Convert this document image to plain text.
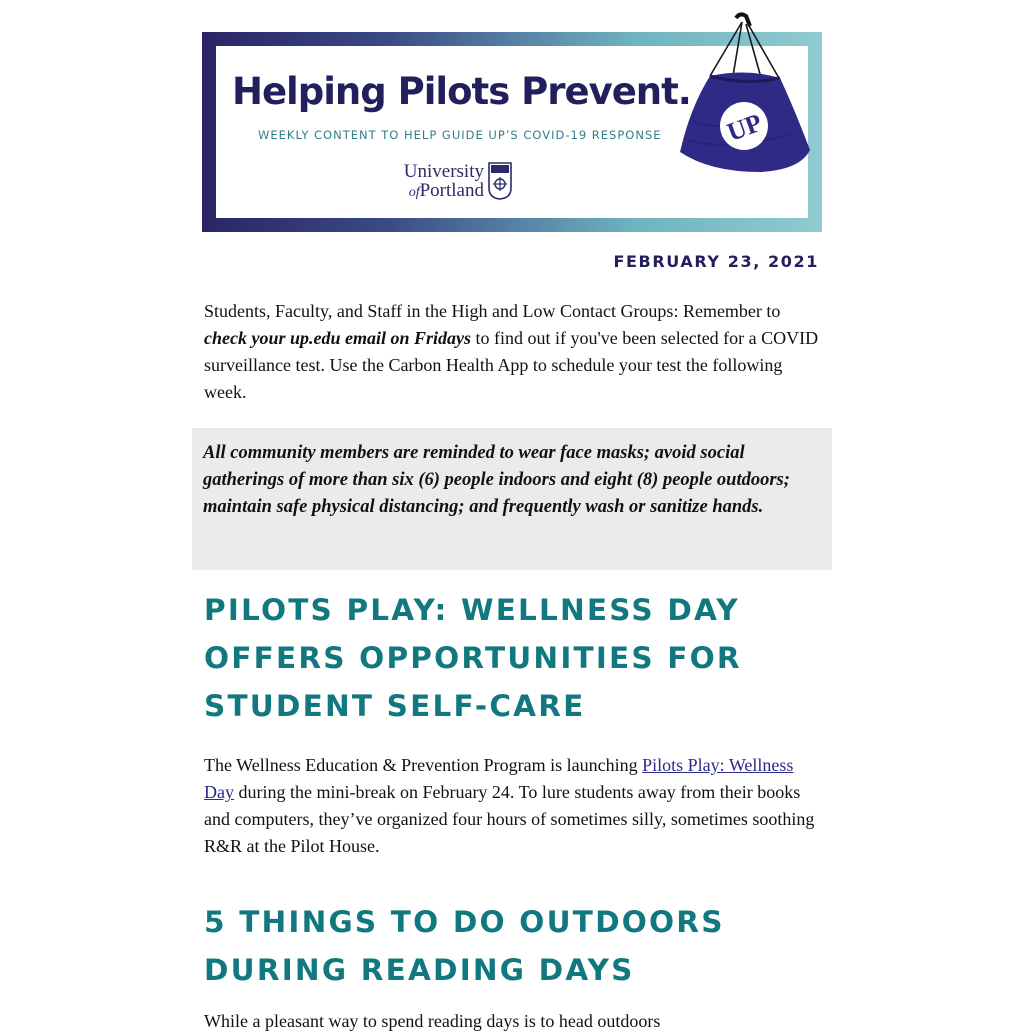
Helping Pilots Prevent.
WEEKLY CONTENT TO HELP GUIDE UP’S COVID-19 RESPONSE
University
ofPortland
UP
FEBRUARY 23, 2021

Students, Faculty, and Staff in the High and Low Contact Groups: Remember to check your up.edu email on Fridays to find out if you've been selected for a COVID surveillance test. Use the Carbon Health App to schedule your test the following week.

All community members are reminded to wear face masks; avoid social gatherings of more than six (6) people indoors and eight (8) people outdoors; maintain safe physical distancing; and frequently wash or sanitize hands.

PILOTS PLAY: WELLNESS DAY OFFERS OPPORTUNITIES FOR STUDENT SELF-CARE

The Wellness Education & Prevention Program is launching Pilots Play: Wellness Day during the mini-break on February 24. To lure students away from their books and computers, they’ve organized four hours of sometimes silly, sometimes soothing R&R at the Pilot House.

5 THINGS TO DO OUTDOORS DURING READING DAYS

While a pleasant way to spend reading days is to head outdoors
